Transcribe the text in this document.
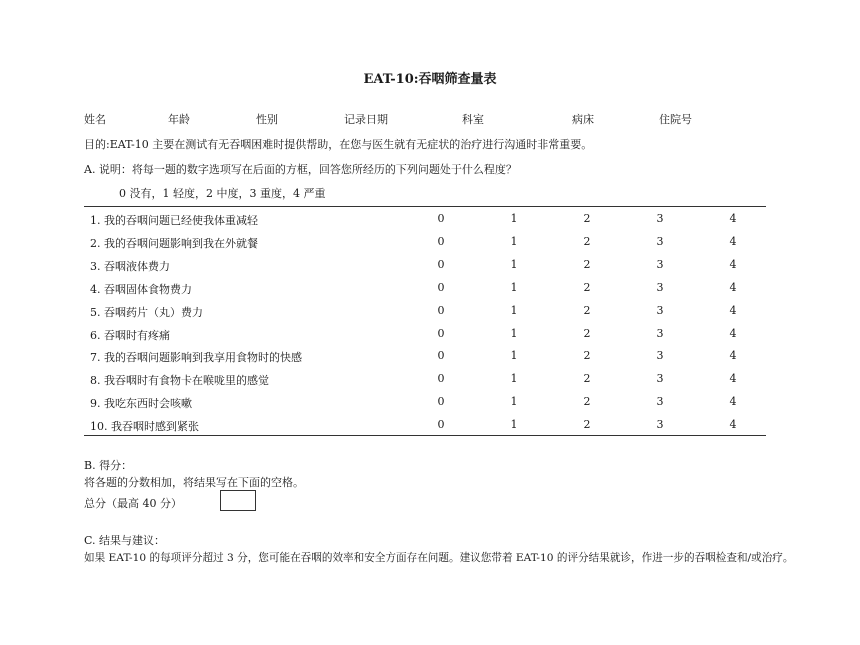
EAT-10:吞咽筛查量表
姓名	年龄	性别	记录日期	科室	病床	住院号
目的:EAT-10 主要在测试有无吞咽困难时提供帮助，在您与医生就有无症状的治疗进行沟通时非常重要。
A. 说明：将每一题的数字选项写在后面的方框，回答您所经历的下列问题处于什么程度？
0 没有，1 轻度，2 中度，3 重度，4 严重
1. 我的吞咽问题已经使我体重减轻	0	1	2	3	4
2. 我的吞咽问题影响到我在外就餐	0	1	2	3	4
3. 吞咽液体费力	0	1	2	3	4
4. 吞咽固体食物费力	0	1	2	3	4
5. 吞咽药片（丸）费力	0	1	2	3	4
6. 吞咽时有疼痛	0	1	2	3	4
7. 我的吞咽问题影响到我享用食物时的快感	0	1	2	3	4
8. 我吞咽时有食物卡在喉咙里的感觉	0	1	2	3	4
9. 我吃东西时会咳嗽	0	1	2	3	4
10. 我吞咽时感到紧张	0	1	2	3	4
B. 得分：
将各题的分数相加，将结果写在下面的空格。
总分（最高 40 分）
C. 结果与建议：
如果 EAT-10 的每项评分超过 3 分，您可能在吞咽的效率和安全方面存在问题。建议您带着 EAT-10 的评分结果就诊，作进一步的吞咽检查和/或治疗。
